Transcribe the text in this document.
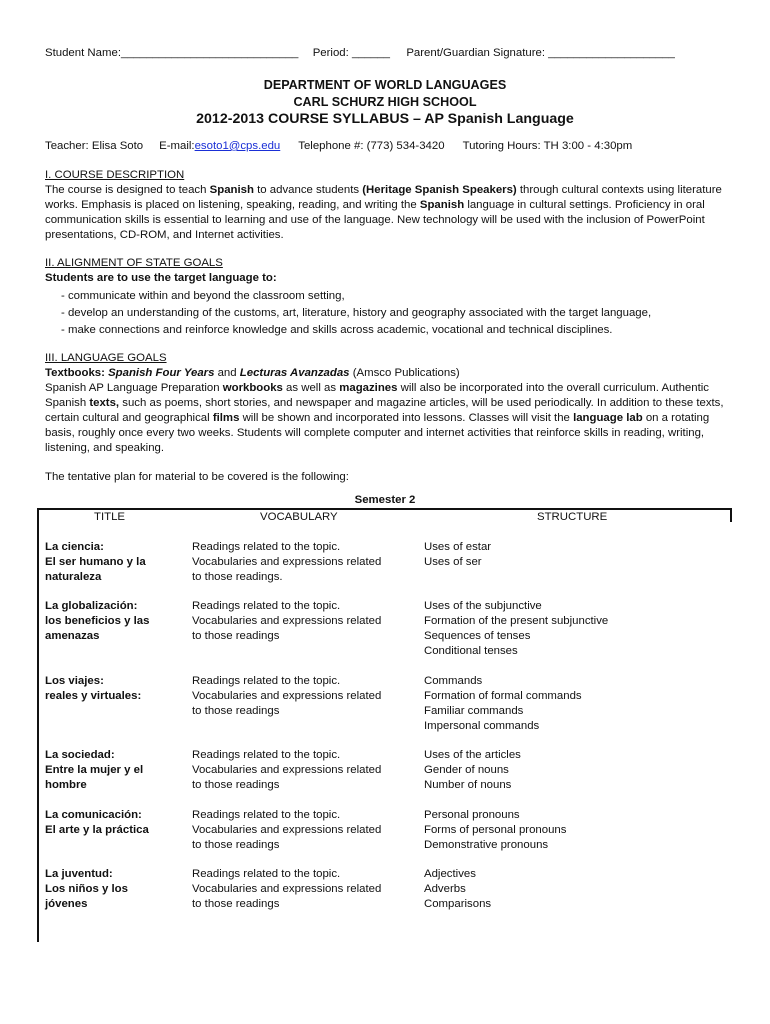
Student Name:____________________________ Period: ______ Parent/Guardian Signature: ____________________
DEPARTMENT OF WORLD LANGUAGES
CARL SCHURZ HIGH SCHOOL
2012-2013 COURSE SYLLABUS – AP Spanish Language
Teacher: Elisa Soto E-mail:esoto1@cps.edu Telephone #: (773) 534-3420 Tutoring Hours: TH 3:00 - 4:30pm
I. COURSE DESCRIPTION
The course is designed to teach Spanish to advance students (Heritage Spanish Speakers) through cultural contexts using literature works. Emphasis is placed on listening, speaking, reading, and writing the Spanish language in cultural settings. Proficiency in oral communication skills is essential to learning and use of the language. New technology will be used with the inclusion of PowerPoint presentations, CD-ROM, and Internet activities.
II. ALIGNMENT OF STATE GOALS
Students are to use the target language to:
- communicate within and beyond the classroom setting,
- develop an understanding of the customs, art, literature, history and geography associated with the target language,
- make connections and reinforce knowledge and skills across academic, vocational and technical disciplines.
III. LANGUAGE GOALS
Textbooks: Spanish Four Years and Lecturas Avanzadas (Amsco Publications)
Spanish AP Language Preparation workbooks as well as magazines will also be incorporated into the overall curriculum. Authentic Spanish texts, such as poems, short stories, and newspaper and magazine articles, will be used periodically. In addition to these texts, certain cultural and geographical films will be shown and incorporated into lessons. Classes will visit the language lab on a rotating basis, roughly once every two weeks. Students will complete computer and internet activities that reinforce skills in reading, writing, listening, and speaking.
The tentative plan for material to be covered is the following:
Semester 2
TITLE	VOCABULARY	STRUCTURE
La ciencia:
El ser humano y la
naturaleza
Readings related to the topic.
Vocabularies and expressions related
to those readings.
Uses of estar
Uses of ser
La globalización:
los beneficios y las
amenazas
Readings related to the topic.
Vocabularies and expressions related
to those readings
Uses of the subjunctive
Formation of the present subjunctive
Sequences of tenses
Conditional tenses
Los viajes:
reales y virtuales:
Readings related to the topic.
Vocabularies and expressions related
to those readings
Commands
Formation of formal commands
Familiar commands
Impersonal commands
La sociedad:
Entre la mujer y el
hombre
Readings related to the topic.
Vocabularies and expressions related
to those readings
Uses of the articles
Gender of nouns
Number of nouns
La comunicación:
El arte y la práctica
Readings related to the topic.
Vocabularies and expressions related
to those readings
Personal pronouns
Forms of personal pronouns
Demonstrative pronouns
La juventud:
Los niños y los
jóvenes
Readings related to the topic.
Vocabularies and expressions related
to those readings
Adjectives
Adverbs
Comparisons
